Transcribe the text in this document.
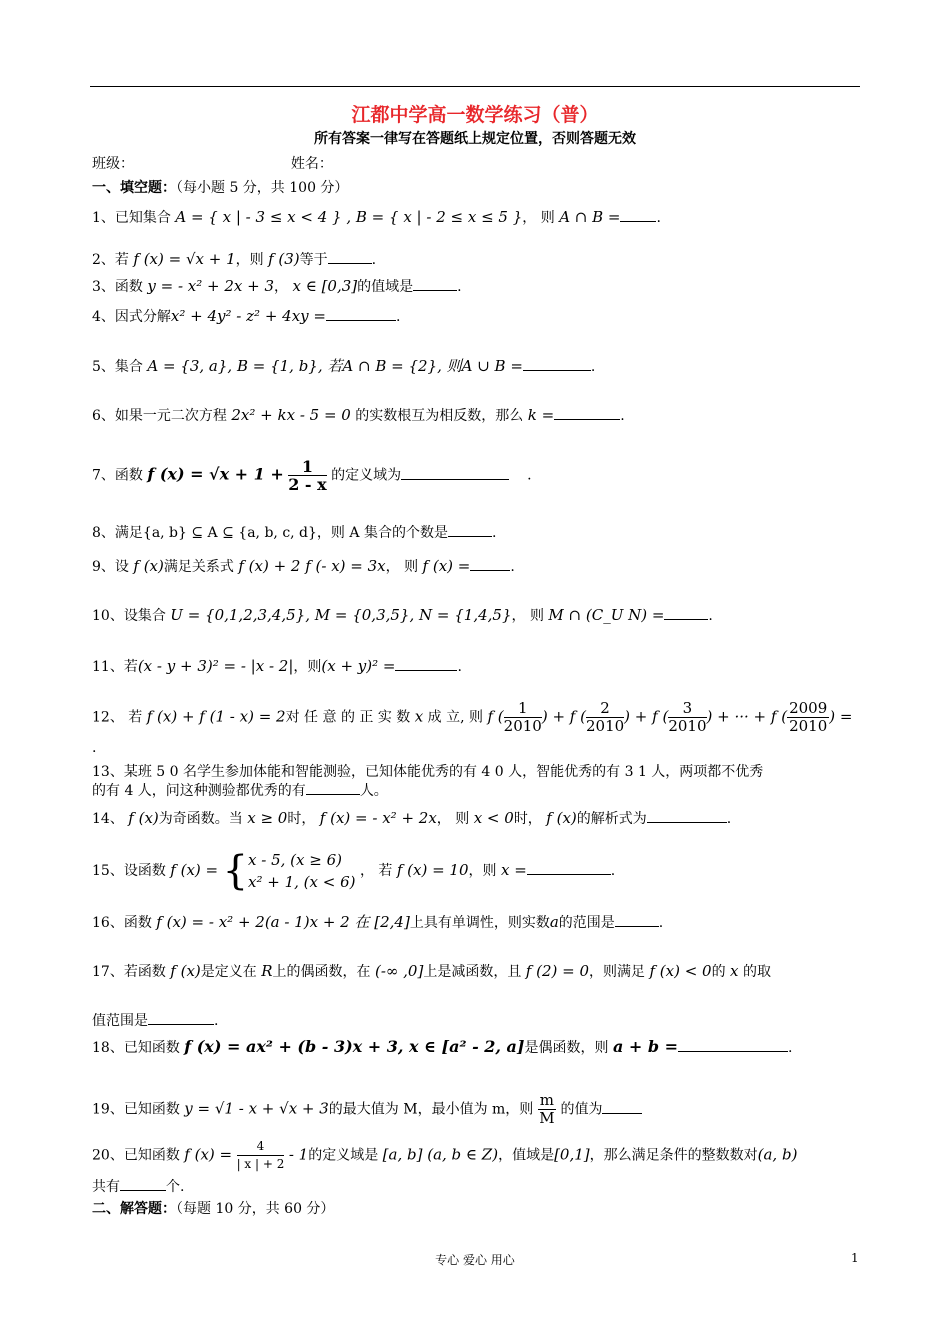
江都中学高一数学练习（普）
所有答案一律写在答题纸上规定位置，否则答题无效
班级：	姓名：
一、填空题：（每小题 5 分，共 100 分）
1、已知集合 A = { x | - 3 ≤ x < 4 } , B = { x | - 2 ≤ x ≤ 5 }， 则 A ∩ B =	.
2、若 f (x) = √x + 1，则 f (3)等于	.
3、函数 y = - x² + 2x + 3， x ∈ [0,3]的值域是	.
4、因式分解x² + 4y² - z² + 4xy =	.
5、集合 A = {3, a}, B = {1, b}, 若A ∩ B = {2}, 则A ∪ B =	.
6、如果一元二次方程 2x² + kx - 5 = 0 的实数根互为相反数，那么 k =	.
7、函数 f $(x) = √x + 1 + \frac{1}{2 - x}$ 的定义域为	.
8、满足{a, b} ⊆ A ⊆ {a, b, c, d}，则 A 集合的个数是	.
9、设 f (x)满足关系式 f (x) + 2 f (- x) = 3x， 则 f (x) =	.
10、设集合 U = {0,1,2,3,4,5}, M = {0,3,5}, N = {1,4,5}， 则 M ∩ (C_U N) =	.
11、若(x - y + 3)² = - |x - 2|，则(x + y)² =	.
12、 若 f (x) + f (1 - x) = 2对 任 意 的 正 实 数 x 成 立, 则 f ( $\frac{1}{2010}$ ) + f ( $\frac{2}{2010}$ ) + f ( $\frac{3}{2010}$ ) + ··· + f ( $\frac{2009}{2010}$ ) =
.
13、某班 5 0 名学生参加体能和智能测验，已知体能优秀的有 4 0 人，智能优秀的有 3 1 人，两项都不优秀
的有 4 人，问这种测验都优秀的有	人。
14、 f (x)为奇函数。当 x ≥ 0时， f (x) = - x² + 2x， 则 x < 0时， f (x)的解析式为	.
15、设函数 f (x) = {x - 5, (x ≥ 6)
x² + 1, (x < 6) ， 若 f (x) = 10，则 x =	.
16、函数 f (x) = - x² + 2(a - 1)x + 2 在 [2,4]上具有单调性，则实数a的范围是	.
17、若函数 f (x)是定义在 R上的偶函数，在 (-∞ ,0]上是减函数，且 f (2) = 0，则满足 f (x) < 0的 x 的取
值范围是	.
18、已知函数 f (x) = ax² + (b - 3)x + 3, x ∈ [a² - 2, a]是偶函数，则 a + b =	.
19、已知函数 y = √1 - x + √x + 3的最大值为 M，最小值为 m，则 $\frac{m}{M}$ 的值为
20、已知函数 f $(x) = \frac{4}{| x | + 2} - 1$的定义域是 [a, b] (a, b ∈ Z)，值域是[0,1]，那么满足条件的整数数对(a, b)
共有	个.
二、解答题：（每题 10 分，共 60 分）
专心 爱心 用心	1
